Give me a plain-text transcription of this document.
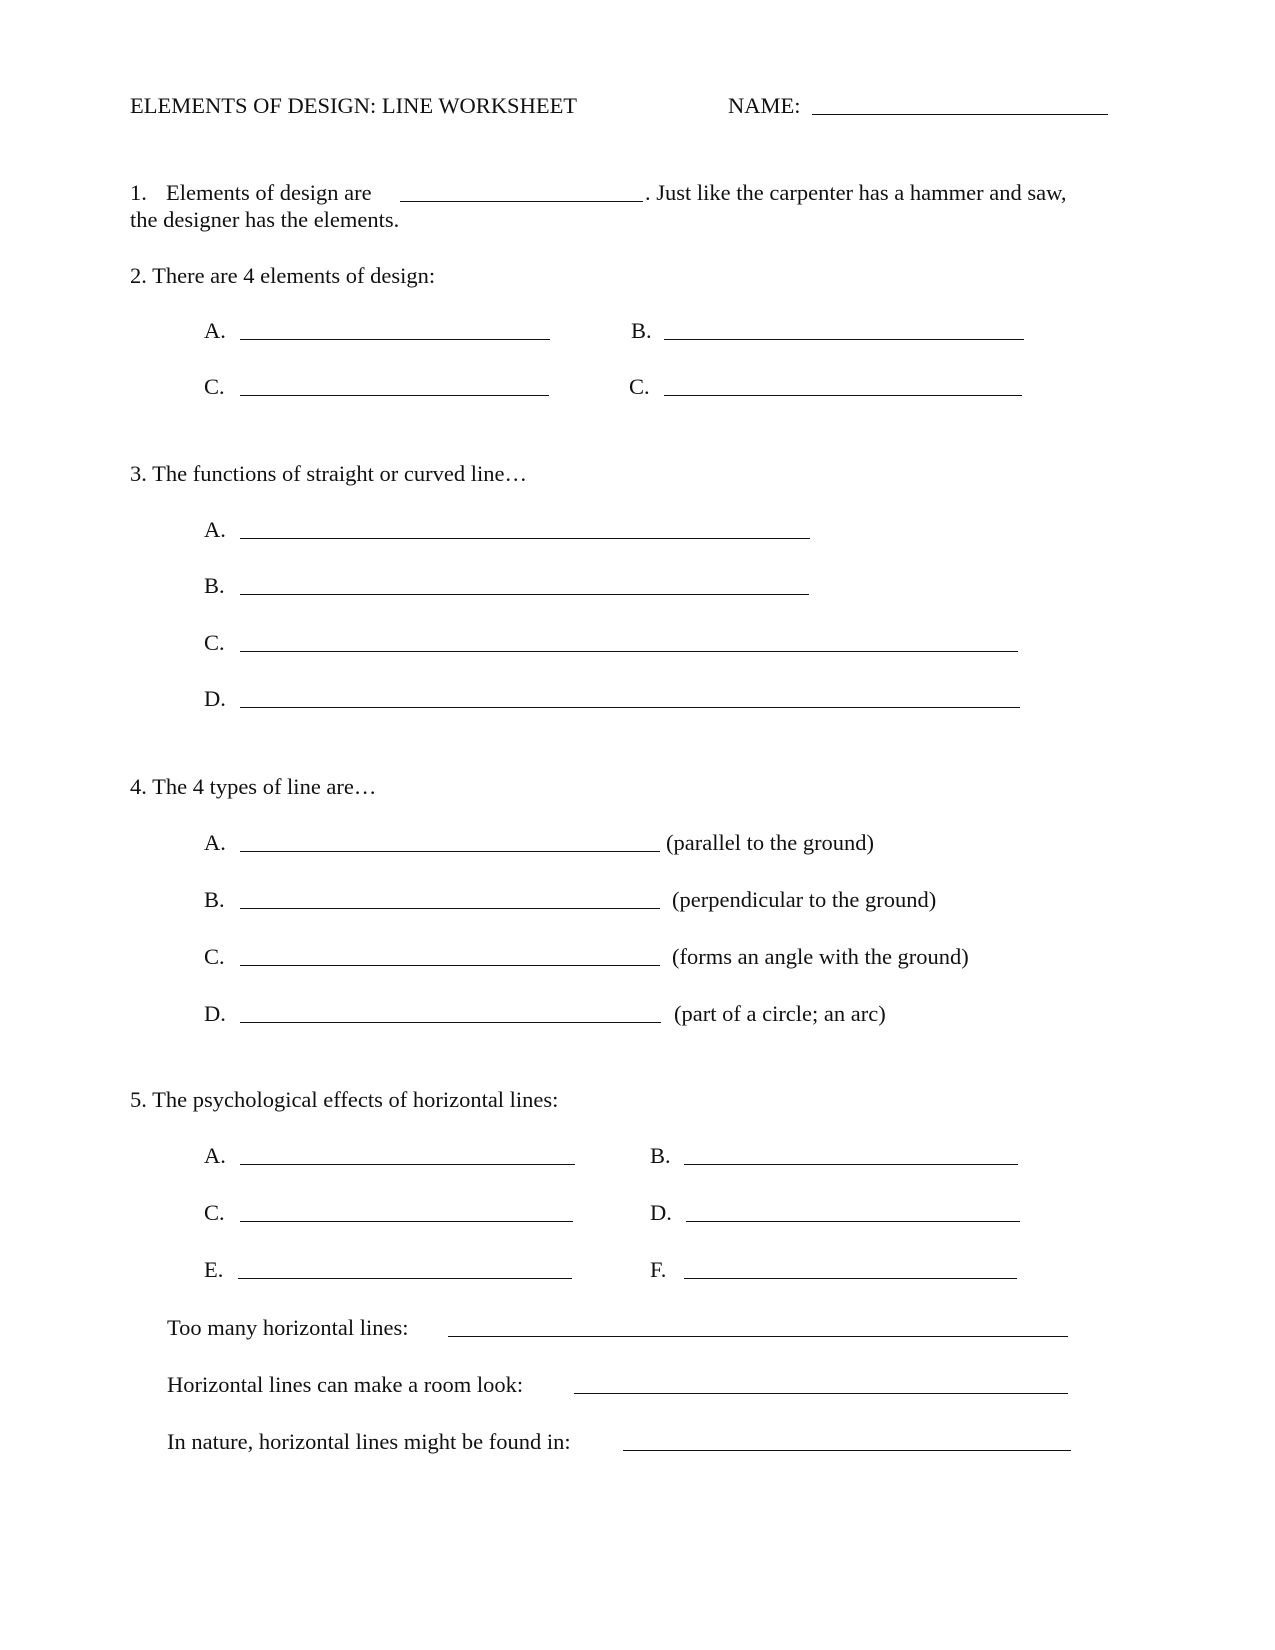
ELEMENTS OF DESIGN: LINE WORKSHEET	NAME:
1. Elements of design are	. Just like the carpenter has a hammer and saw,
the designer has the elements.
2. There are 4 elements of design:
A.	B.
C.	C.
3. The functions of straight or curved line…
A.
B.
C.
D.
4. The 4 types of line are…
A.	(parallel to the ground)
B.	(perpendicular to the ground)
C.	(forms an angle with the ground)
D.	(part of a circle; an arc)
5. The psychological effects of horizontal lines:
A.	B.
C.	D.
E.	F.
Too many horizontal lines:
Horizontal lines can make a room look:
In nature, horizontal lines might be found in:
